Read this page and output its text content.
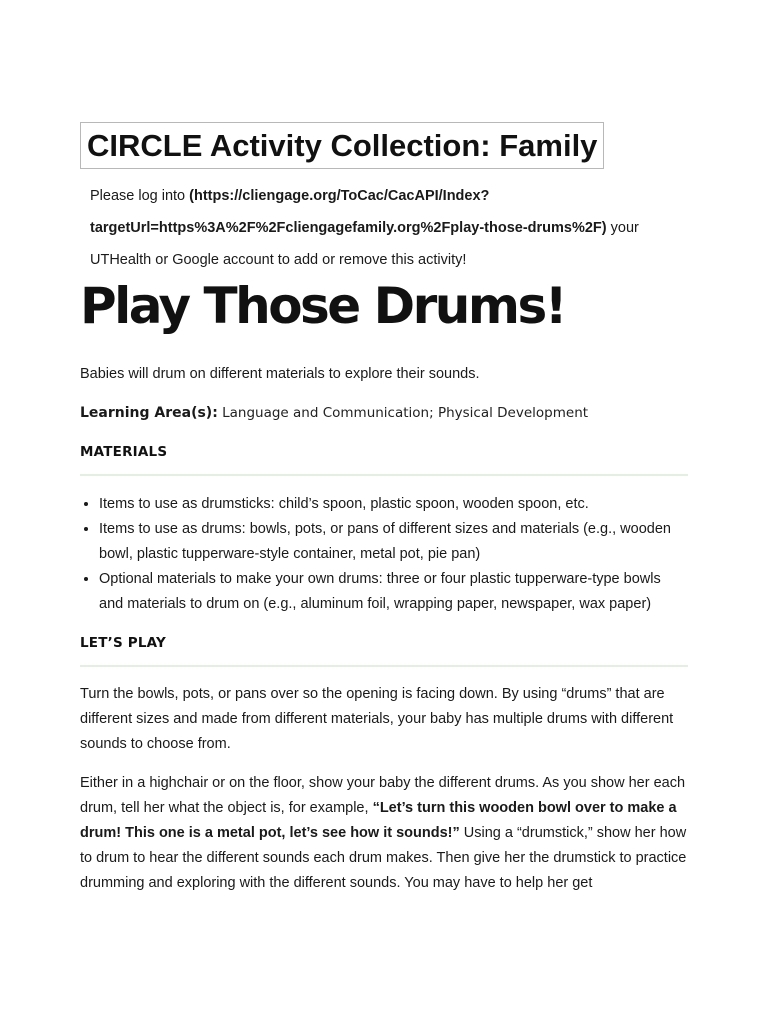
CIRCLE Activity Collection: Family

Please log into (https://cliengage.org/ToCac/CacAPI/Index?targetUrl=https%3A%2F%2Fcliengagefamily.org%2Fplay-those-drums%2F) your UTHealth or Google account to add or remove this activity!

Play Those Drums!

Babies will drum on different materials to explore their sounds.

Learning Area(s): Language and Communication; Physical Development

MATERIALS
• Items to use as drumsticks: child’s spoon, plastic spoon, wooden spoon, etc.
• Items to use as drums: bowls, pots, or pans of different sizes and materials (e.g., wooden bowl, plastic tupperware-style container, metal pot, pie pan)
• Optional materials to make your own drums: three or four plastic tupperware-type bowls and materials to drum on (e.g., aluminum foil, wrapping paper, newspaper, wax paper)
LET’S PLAY

Turn the bowls, pots, or pans over so the opening is facing down. By using “drums” that are different sizes and made from different materials, your baby has multiple drums with different sounds to choose from.

Either in a highchair or on the floor, show your baby the different drums. As you show her each drum, tell her what the object is, for example, “Let’s turn this wooden bowl over to make a drum! This one is a metal pot, let’s see how it sounds!” Using a “drumstick,” show her how to drum to hear the different sounds each drum makes. Then give her the drumstick to practice drumming and exploring with the different sounds. You may have to help her get
